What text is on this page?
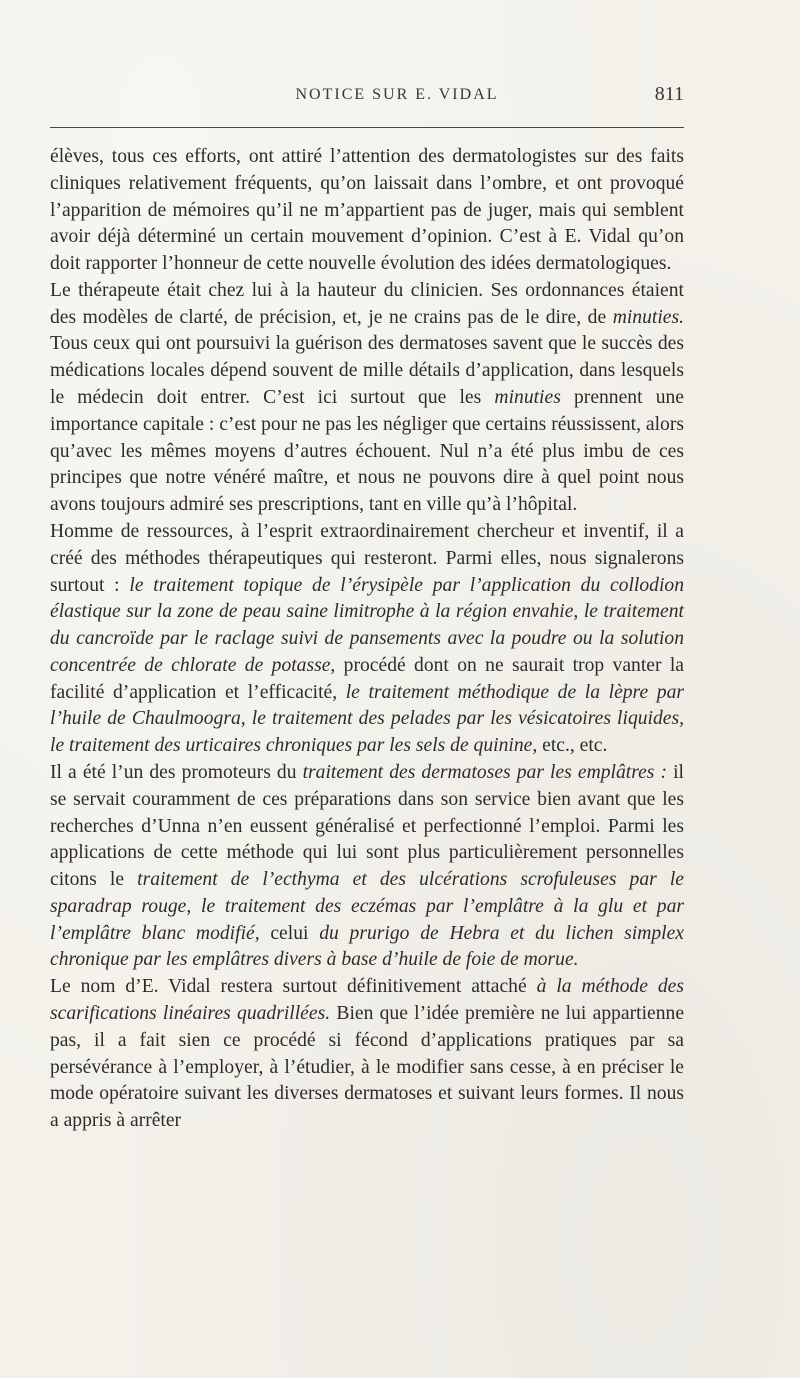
NOTICE SUR E. VIDAL	811

élèves, tous ces efforts, ont attiré l’attention des dermatologistes sur des faits cliniques relativement fréquents, qu’on laissait dans l’ombre, et ont provoqué l’apparition de mémoires qu’il ne m’appartient pas de juger, mais qui semblent avoir déjà déterminé un certain mouvement d’opinion. C’est à E. Vidal qu’on doit rapporter l’honneur de cette nouvelle évolution des idées dermatologiques.

Le thérapeute était chez lui à la hauteur du clinicien. Ses ordonnances étaient des modèles de clarté, de précision, et, je ne crains pas de le dire, de minuties. Tous ceux qui ont poursuivi la guérison des dermatoses savent que le succès des médications locales dépend souvent de mille détails d’application, dans lesquels le médecin doit entrer. C’est ici surtout que les minuties prennent une importance capitale : c’est pour ne pas les négliger que certains réussissent, alors qu’avec les mêmes moyens d’autres échouent. Nul n’a été plus imbu de ces principes que notre vénéré maître, et nous ne pouvons dire à quel point nous avons toujours admiré ses prescriptions, tant en ville qu’à l’hôpital.

Homme de ressources, à l’esprit extraordinairement chercheur et inventif, il a créé des méthodes thérapeutiques qui resteront. Parmi elles, nous signalerons surtout : le traitement topique de l’érysipèle par l’application du collodion élastique sur la zone de peau saine limitrophe à la région envahie, le traitement du cancroïde par le raclage suivi de pansements avec la poudre ou la solution concentrée de chlorate de potasse, procédé dont on ne saurait trop vanter la facilité d’application et l’efficacité, le traitement méthodique de la lèpre par l’huile de Chaulmoogra, le traitement des pelades par les vésicatoires liquides, le traitement des urticaires chroniques par les sels de quinine, etc., etc.

Il a été l’un des promoteurs du traitement des dermatoses par les emplâtres : il se servait couramment de ces préparations dans son service bien avant que les recherches d’Unna n’en eussent généralisé et perfectionné l’emploi. Parmi les applications de cette méthode qui lui sont plus particulièrement personnelles citons le traitement de l’ecthyma et des ulcérations scrofuleuses par le sparadrap rouge, le traitement des eczémas par l’emplâtre à la glu et par l’emplâtre blanc modifié, celui du prurigo de Hebra et du lichen simplex chronique par les emplâtres divers à base d’huile de foie de morue.

Le nom d’E. Vidal restera surtout définitivement attaché à la méthode des scarifications linéaires quadrillées. Bien que l’idée première ne lui appartienne pas, il a fait sien ce procédé si fécond d’applications pratiques par sa persévérance à l’employer, à l’étudier, à le modifier sans cesse, à en préciser le mode opératoire suivant les diverses dermatoses et suivant leurs formes. Il nous a appris à arrêter
